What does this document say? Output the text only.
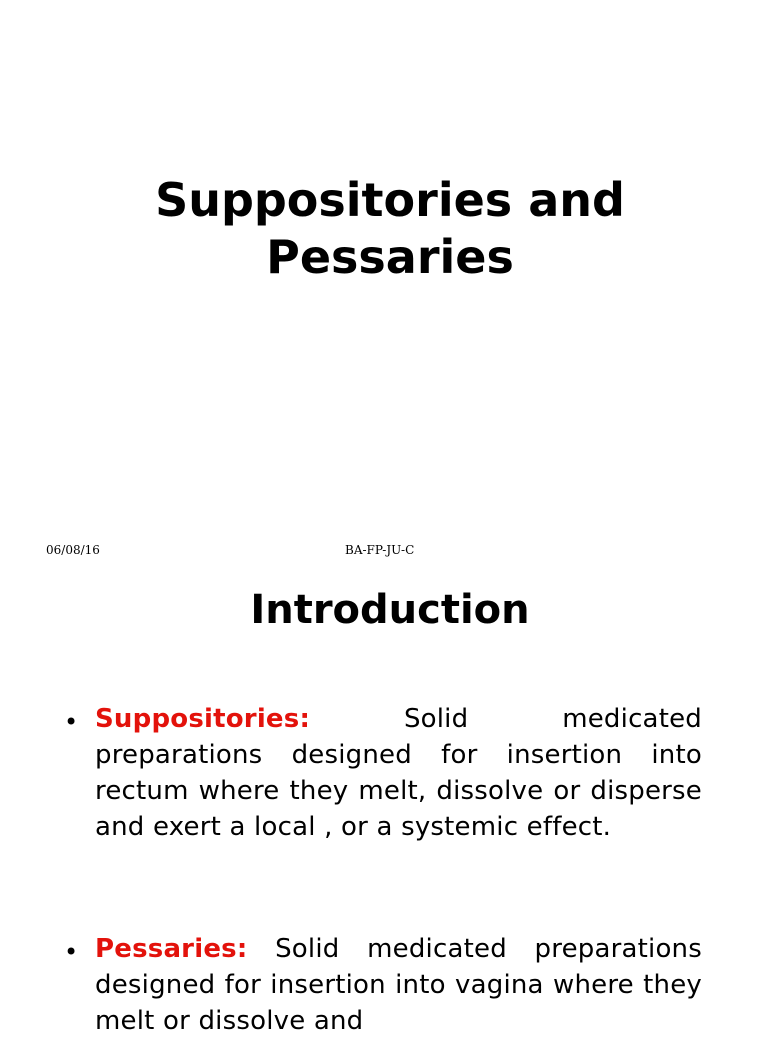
Suppositories and
Pessaries
06/08/16	BA-FP-JU-C
Introduction
• Suppositories: Solid medicated preparations designed for insertion into rectum where they melt, dissolve or disperse and exert a local , or a systemic effect.
• Pessaries: Solid medicated preparations designed for insertion into vagina where they melt or dissolve and
